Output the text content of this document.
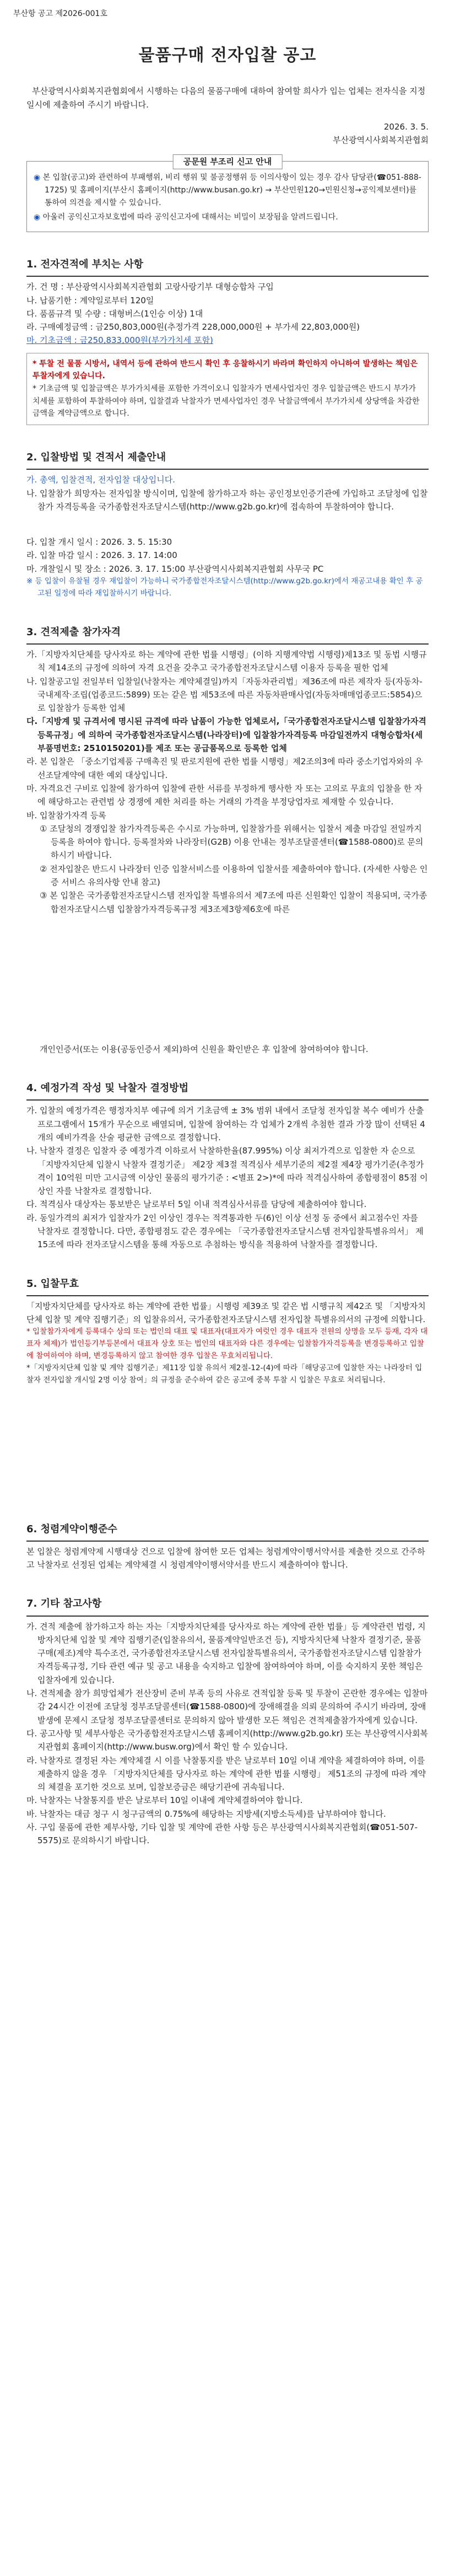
부산항 공고 제2026-001호

물품구매 전자입찰 공고

부산광역시사회복지관협회에서 시행하는 다음의 물품구매에 대하여 참여할 희사가 입는 업체는 전자식을 지정일시에 제출하여 주시기 바랍니다.

2026. 3. 5.

부산광역시사회복지관협회

공문원 부조리 신고 안내

◉ 본 입찰(공고)와 관련하여 부패행위, 비리 행위 및 불공정행위 등 이의사항이 있는 경우 감사 담당관(☎051-888-1725) 및 홈페이지(부산시 홈페이지(http://www.busan.go.kr) → 부산민원120→민원신청→공익제보센터)를 통하여 의견을 제시할 수 있습니다.

◉ 아울러 공익신고자보호법에 따라 공익신고자에 대해서는 비밀이 보장됨을 알려드립니다.

1. 전자견적에 부치는 사항

가. 건 명 : 부산광역시사회복지관협회 고랑사랑기부 대형승합차 구입

나. 납품기한 : 계약일로부터 120일

다. 품품규격 및 수량 : 대형버스(1인승 이상) 1대

라. 구매예정금액 : 금250,803,000원(추정가격 228,000,000원 + 부가세 22,803,000원)

마. 기초금액 : 금250,833,000원(부가가치세 포함)

* 투찰 전 물품 시방서, 내역서 등에 관하여 반드시 확인 후 응찰하시기 바라며 확인하지 아니하여 발생하는 책임은 투찰자에게 있습니다.

* 기초금액 및 입찰금액은 부가가치세를 포함한 가격이오니 입찰자가 면세사업자인 경우 입찰금액은 반드시 부가가치세를 포함하여 투찰하여야 하며, 입찰결과 낙찰자가 면세사업자인 경우 낙찰금액에서 부가가치세 상당액을 차감한 금액을 계약금액으로 합니다.

2. 입찰방법 및 견적서 제출안내

가. 총액, 입찰견적, 전자입찰 대상입니다.

나. 입찰참가 희망자는 전자입찰 방식이며, 입찰에 참가하고자 하는 공인정보인증기관에 가입하고 조달청에 입찰참가 자격등록을 국가종합전자조달시스템(http://www.g2b.go.kr)에 접속하여 투찰하여야 합니다.

다. 입찰 개시 일시 : 2026. 3. 5. 15:30

라. 입찰 마감 일시 : 2026. 3. 17. 14:00

마. 개찰일시 및 장소 : 2026. 3. 17. 15:00 부산광역시사회복지관협회 사무국 PC

※ 등 입찰이 유찰될 경우 재입찰이 가능하니 국가종합전자조달시스템(http://www.g2b.go.kr)에서 재공고내용 확인 후 공고된 일정에 따라 재입찰하시기 바랍니다.

3. 견적제출 참가자격

가.「지방자치단체를 당사자로 하는 계약에 관한 법률 시행령」(이하 지행계약법 시행령)제13조 및 동법 시행규칙 제14조의 규정에 의하여 자격 요건을 갖추고 국가종합전자조달시스템 이용자 등록을 필한 업체

나. 입찰공고일 전일부터 입찰일(낙찰자는 계약체결일)까지「자동차관리법」제36조에 따른 제작자 등(자동차-국내제작·조립(업종코드:5899) 또는 같은 법 제53조에 따른 자동차판매사업(자동차매매업종코드:5854)으로 입찰참가 등록한 업체

다.「지방계 및 규격서에 명시된 규격에 따라 납품이 가능한 업체로서,「국가종합전자조달시스템 입찰참가자격등록규정」에 의하여 국가종합전자조달시스템(나라장터)에 입찰참가자격등록 마감일전까지 대형승합차(세부품명번호: 2510150201)를 제조 또는 공급품목으로 등록한 업체

라. 본 입찰은 「중소기업제품 구매촉진 및 판로지원에 관한 법률 시행령」제2조의3에 따라 중소기업자와의 우선조달계약에 대한 예외 대상입니다.

마. 자격요건 구비로 입찰에 참가하여 입찰에 관한 서류를 부정하게 행사한 자 또는 고의로 무효의 입찰을 한 자에 해당하고는 관련법 상 경쟁에 제한 처리를 하는 거래의 가격을 부정당업자로 제재할 수 있습니다.

바. 입찰참가자격 등록

① 조달청의 경쟁입찰 참가자격등록은 수시로 가능하며, 입찰참가를 위해서는 입찰서 제출 마감일 전일까지 등록을 하여야 합니다. 등록절차와 나라장터(G2B) 이용 안내는 정부조달콜센터(☎1588-0800)로 문의하시기 바랍니다.

② 전자입찰은 반드시 나라장터 인증 입찰서비스를 이용하여 입찰서를 제출하여야 합니다. (자세한 사항은 인증 서비스 유의사항 안내 참고)

③ 본 입찰은 국가종합전자조달시스템 전자입찰 특별유의서 제7조에 따른 신원확인 입찰이 적용되며, 국가종합전자조달시스템 입찰참가자격등록규정 제3조제3항제6호에 따른

개인인증서(또는 이용(공동인증서 제외)하여 신원을 확인받은 후 입찰에 참여하여야 합니다.

4. 예정가격 작성 및 낙찰자 결정방법

가. 입찰의 예정가격은 행정자치부 예규에 의거 기초금액 ± 3% 범위 내에서 조달청 전자입찰 복수 예비가 산출프로그램에서 15개가 무순으로 배열되며, 입찰에 참여하는 각 업체가 2개씩 추첨한 결과 가장 많이 선택된 4개의 예비가격을 산술 평균한 금액으로 결정합니다.

나. 낙찰자 결정은 입찰자 중 예정가격 이하로서 낙찰하한율(87.995%) 이상 최저가격으로 입찰한 자 순으로 「지방자치단체 입찰시 낙찰자 결정기준」 제2장 제3절 적격심사 세부기준의 제2절 제4장 평가기준(추정가격이 10억원 미만 고시금액 이상인 물품의 평가기준 : <별표 2>)*에 따라 적격심사하여 종합평점이 85점 이상인 자를 낙찰자로 결정합니다.

다. 적격심사 대상자는 통보받은 날로부터 5일 이내 적격심사서류를 담당에 제출하여야 합니다.

라. 동일가격의 최저가 입찰자가 2인 이상인 경우는 적격통과한 두(6)인 이상 선정 동 중에서 최고점수인 자를 낙찰자로 결정합니다. 다만, 종합평점도 같은 경우에는 「국가종합전자조달시스템 전자입찰특별유의서」 제15조에 따라 전자조달시스템을 통해 자동으로 추첨하는 방식을 적용하여 낙찰자를 결정합니다.

5. 입찰무효

「지방자치단체를 당사자로 하는 계약에 관한 법률」시행령 제39조 및 같은 법 시행규칙 제42조 및 「지방자치단체 입찰 및 계약 집행기준」의 입찰유의서, 국가종합전자조달시스템 전자입찰 특별유의서의 규정에 의합니다.

* 입찰참가자에게 등록대수 상의 또는 법인의 대표 및 대표자(대표자가 여럿인 경우 대표자 전원의 상명을 모두 등재, 각자 대표자 체제)가 법인등기부등본에서 대표자 상호 또는 법인의 대표자와 다른 경우에는 입찰참가자격등록을 변경등록하고 입찰에 참여하여야 하며, 변경등록하지 않고 참여한 경우 입찰은 무효처리됩니다.

*「지방자치단체 입찰 및 계약 집행기준」제11장 입찰 유의서 제2절-12-(4)에 따라「해당공고에 입찰한 자는 나라장터 입찰자 전자입찰 개시일 2명 이상 참여」의 규정을 준수하여 같은 공고에 중복 투찰 시 입찰은 무효로 처리됩니다.

6. 청렴계약이행준수

본 입찰은 청렴계약제 시행대상 건으로 입찰에 참여한 모든 업체는 청렴계약이행서약서를 제출한 것으로 간주하고 낙찰자로 선정된 업체는 계약체결 시 청렴계약이행서약서를 반드시 제출하여야 합니다.

7. 기타 참고사항

가. 견적 제출에 참가하고자 하는 자는「지방자치단체를 당사자로 하는 계약에 관한 법률」등 계약관련 법령, 지방자치단체 입찰 및 계약 집행기준(입찰유의서, 물품계약일반조건 등), 지방자치단체 낙찰자 결정기준, 물품구매(제조)계약 특수조건, 국가종합전자조달시스템 전자입찰특별유의서, 국가종합전자조달시스템 입찰참가자격등록규정, 기타 관련 예규 및 공고 내용을 숙지하고 입찰에 참여하여야 하며, 이를 숙지하지 못한 책임은 입찰자에게 있습니다.

나. 견적제출 참가 희망업체가 전산장비 준비 부족 등의 사유로 견적입찰 등록 및 투찰이 곤란한 경우에는 입찰마감 24시간 이전에 조달청 정부조달콜센터(☎1588-0800)에 장애해결을 의뢰 문의하여 주시기 바라며, 장애발생에 문제시 조달청 정부조달콜센터로 문의하지 않아 발생한 모든 책임은 견적제출참가자에게 있습니다.

다. 공고사항 및 세부사항은 국가종합전자조달시스템 홈페이지(http://www.g2b.go.kr) 또는 부산광역시사회복지관협회 홈페이지(http://www.busw.org)에서 확인 할 수 있습니다.

라. 낙찰자로 결정된 자는 계약체결 시 이를 낙찰통지를 받은 날로부터 10일 이내 계약을 체결하여야 하며, 이를 제출하지 않을 경우 「지방자치단체를 당사자로 하는 계약에 관한 법률 시행령」 제51조의 규정에 따라 계약의 체결을 포기한 것으로 보며, 입찰보증금은 해당기관에 귀속됩니다.

마. 낙찰자는 낙찰통지를 받은 날로부터 10일 이내에 계약체결하여야 합니다.

바. 낙찰자는 대금 청구 시 청구금액의 0.75%에 해당하는 지방세(지방소득세)를 납부하여야 합니다.

사. 구입 물품에 관한 제부사항, 기타 입찰 및 계약에 관한 사항 등은 부산광역시사회복지관협회(☎051-507-5575)로 문의하시기 바랍니다.
